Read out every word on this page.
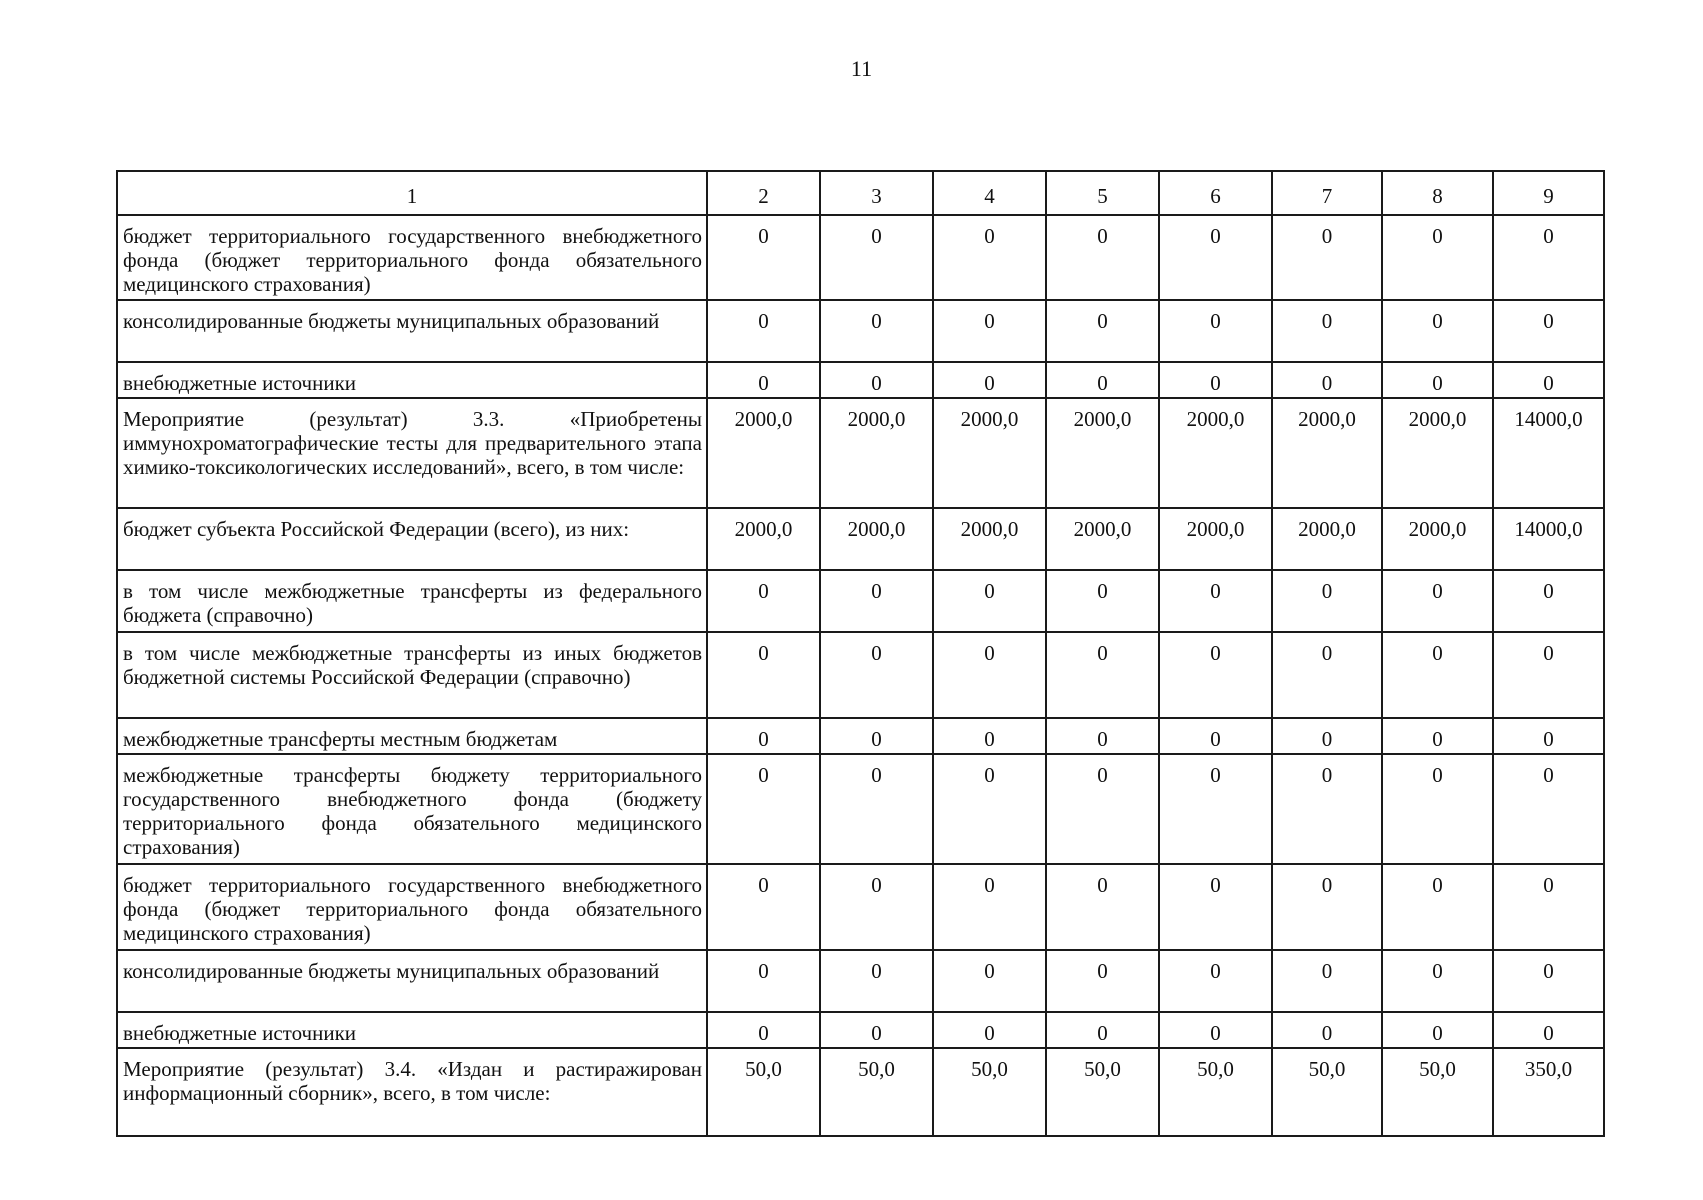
11
1	2	3	4	5	6	7	8	9
бюджет территориального государственного внебюджетного фонда (бюджет территориального фонда обязательного медицинского страхования)	0	0	0	0	0	0	0	0
консолидированные бюджеты муниципальных образований	0	0	0	0	0	0	0	0
внебюджетные источники	0	0	0	0	0	0	0	0
Мероприятие (результат) 3.3. «Приобретены иммунохроматографические тесты для предварительного этапа химико-токсикологических исследований», всего, в том числе:	2000,0	2000,0	2000,0	2000,0	2000,0	2000,0	2000,0	14000,0
бюджет субъекта Российской Федерации (всего), из них:	2000,0	2000,0	2000,0	2000,0	2000,0	2000,0	2000,0	14000,0
в том числе межбюджетные трансферты из федерального бюджета (справочно)	0	0	0	0	0	0	0	0
в том числе межбюджетные трансферты из иных бюджетов бюджетной системы Российской Федерации (справочно)	0	0	0	0	0	0	0	0
межбюджетные трансферты местным бюджетам	0	0	0	0	0	0	0	0
межбюджетные трансферты бюджету территориального государственного внебюджетного фонда (бюджету территориального фонда обязательного медицинского страхования)	0	0	0	0	0	0	0	0
бюджет территориального государственного внебюджетного фонда (бюджет территориального фонда обязательного медицинского страхования)	0	0	0	0	0	0	0	0
консолидированные бюджеты муниципальных образований	0	0	0	0	0	0	0	0
внебюджетные источники	0	0	0	0	0	0	0	0
Мероприятие (результат) 3.4. «Издан и растиражирован информационный сборник», всего, в том числе:	50,0	50,0	50,0	50,0	50,0	50,0	50,0	350,0
